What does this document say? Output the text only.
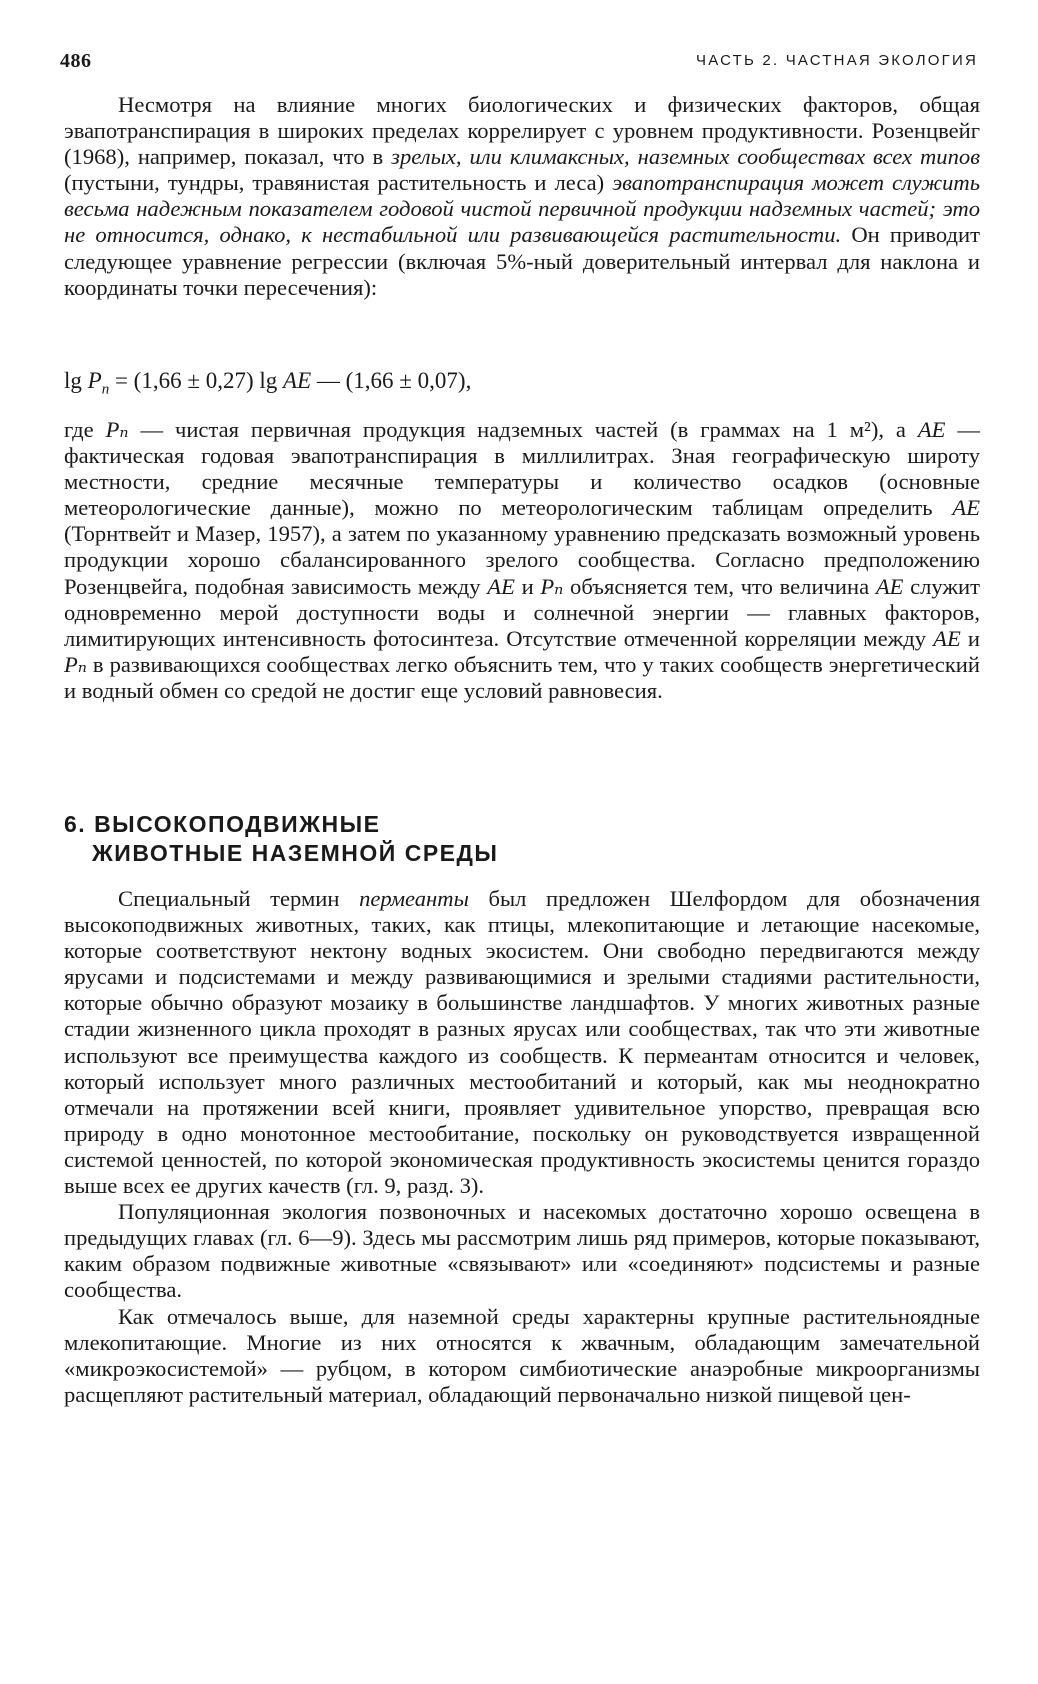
486	ЧАСТЬ 2. ЧАСТНАЯ ЭКОЛОГИЯ

Несмотря на влияние многих биологических и физических факторов, общая эвапотранспирация в широких пределах коррелирует с уровнем продуктивности. Розенцвейг (1968), например, показал, что в зрелых, или климаксных, наземных сообществах всех типов (пустыни, тундры, травянистая растительность и леса) эвапотранспирация может служить весьма надежным показателем годовой чистой первичной продукции надземных частей; это не относится, однако, к нестабильной или развивающейся растительности. Он приводит следующее уравнение регрессии (включая 5%-ный доверительный интервал для наклона и координаты точки пересечения):

$\lg P_n = (1,66 \pm 0,27)$ lg AE — (1,66 ± 0,07),

где Pₙ — чистая первичная продукция надземных частей (в граммах на 1 м²), а AE — фактическая годовая эвапотранспирация в миллилитрах. Зная географическую широту местности, средние месячные температуры и количество осадков (основные метеорологические данные), можно по метеорологическим таблицам определить AE (Торнтвейт и Мазер, 1957), а затем по указанному уравнению предсказать возможный уровень продукции хорошо сбалансированного зрелого сообщества. Согласно предположению Розенцвейга, подобная зависимость между AE и Pₙ объясняется тем, что величина AE служит одновременно мерой доступности воды и солнечной энергии — главных факторов, лимитирующих интенсивность фотосинтеза. Отсутствие отмеченной корреляции между AE и Pₙ в развивающихся сообществах легко объяснить тем, что у таких сообществ энергетический и водный обмен со средой не достиг еще условий равновесия.

6. ВЫСОКОПОДВИЖНЫЕ
ЖИВОТНЫЕ НАЗЕМНОЙ СРЕДЫ

Специальный термин пермеанты был предложен Шелфордом для обозначения высокоподвижных животных, таких, как птицы, млекопитающие и летающие насекомые, которые соответствуют нектону водных экосистем. Они свободно передвигаются между ярусами и подсистемами и между развивающимися и зрелыми стадиями растительности, которые обычно образуют мозаику в большинстве ландшафтов. У многих животных разные стадии жизненного цикла проходят в разных ярусах или сообществах, так что эти животные используют все преимущества каждого из сообществ. К пермеантам относится и человек, который использует много различных местообитаний и который, как мы неоднократно отмечали на протяжении всей книги, проявляет удивительное упорство, превращая всю природу в одно монотонное местообитание, поскольку он руководствуется извращенной системой ценностей, по которой экономическая продуктивность экосистемы ценится гораздо выше всех ее других качеств (гл. 9, разд. 3).

Популяционная экология позвоночных и насекомых достаточно хорошо освещена в предыдущих главах (гл. 6—9). Здесь мы рассмотрим лишь ряд примеров, которые показывают, каким образом подвижные животные «связывают» или «соединяют» подсистемы и разные сообщества.

Как отмечалось выше, для наземной среды характерны крупные растительноядные млекопитающие. Многие из них относятся к жвачным, обладающим замечательной «микроэкосистемой» — рубцом, в котором симбиотические анаэробные микроорганизмы расщепляют растительный материал, обладающий первоначально низкой пищевой цен-
